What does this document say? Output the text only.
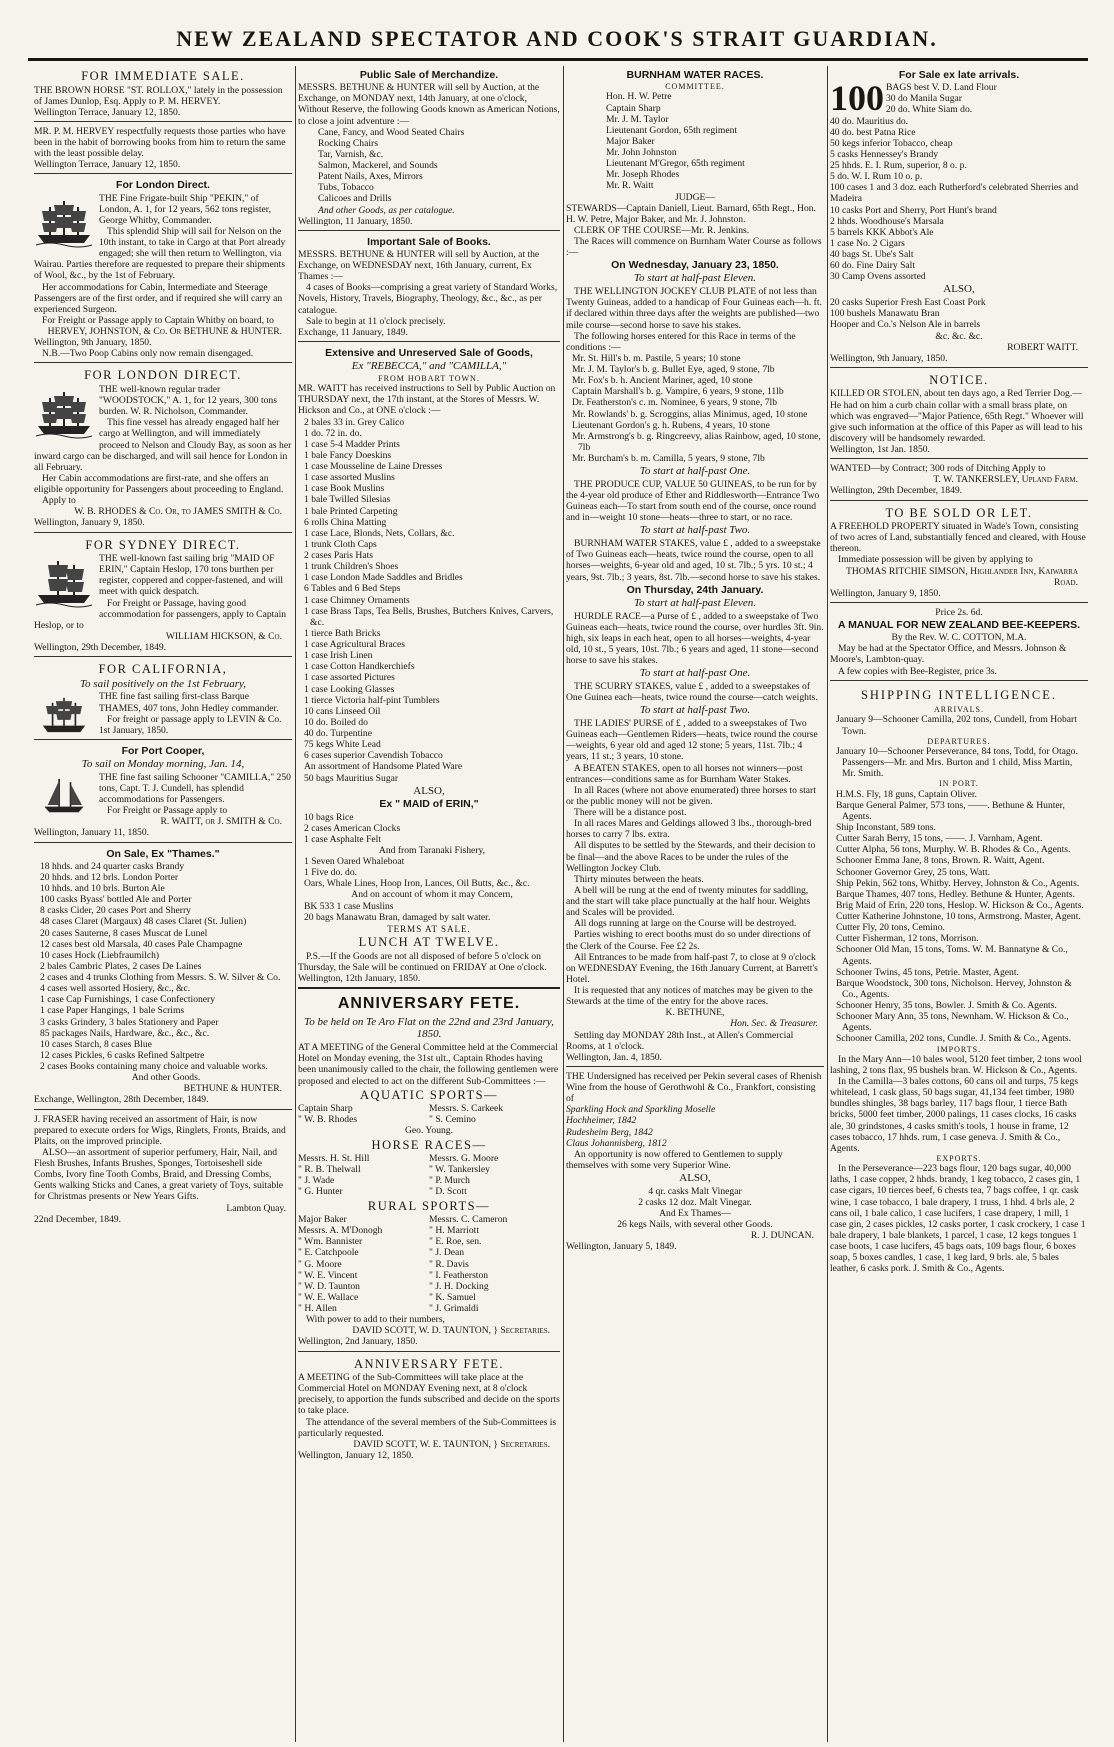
NEW ZEALAND SPECTATOR AND COOK'S STRAIT GUARDIAN.
FOR IMMEDIATE SALE.
THE BROWN HORSE "ST. ROLLOX," lately in the possession of James Dunlop, Esq. Apply to P. M. HERVEY.
Wellington Terrace, January 12, 1850.
MR. P. M. HERVEY respectfully requests those parties who have been in the habit of borrowing books from him to return the same with the least possible delay.
Wellington Terrace, January 12, 1850.
For London Direct.
THE Fine Frigate-built Ship "PEKIN," of London, A. 1, for 12 years, 562 tons register, George Whitby, Commander.
This splendid Ship will sail for Nelson on the 10th instant, to take in Cargo at that Port already engaged; she will then return to Wellington, via Wairau. Parties therefore are requested to prepare their shipments of Wool, &c., by the 1st of February.
Her accommodations for Cabin, Intermediate and Steerage Passengers are of the first order, and if required she will carry an experienced Surgeon.
For Freight or Passage apply to Captain Whitby on board, to
HERVEY, JOHNSTON, & Co. Or BETHUNE & HUNTER.
Wellington, 9th January, 1850.
N.B.—Two Poop Cabins only now remain disengaged.
FOR LONDON DIRECT.
THE well-known regular trader "WOODSTOCK," A. 1, for 12 years, 300 tons burden. W. R. Nicholson, Commander.
This fine vessel has already engaged half her cargo at Wellington, and will immediately proceed to Nelson and Cloudy Bay, as soon as her inward cargo can be discharged, and will sail hence for London in all February.
Her Cabin accommodations are first-rate, and she offers an eligible opportunity for Passengers about proceeding to England.
Apply to
W. B. RHODES & Co. Or, to JAMES SMITH & Co.
Wellington, January 9, 1850.
FOR SYDNEY DIRECT.
THE well-known fast sailing brig "MAID OF ERIN," Captain Heslop, 170 tons burthen per register, coppered and copper-fastened, and will meet with quick despatch.
For Freight or Passage, having good accommodation for passengers, apply to Captain Heslop, or to
WILLIAM HICKSON, & Co.
Wellington, 29th December, 1849.
FOR CALIFORNIA,
To sail positively on the 1st February,
THE fine fast sailing first-class Barque THAMES, 407 tons, John Hedley commander.
For freight or passage apply to LEVIN & Co.
1st January, 1850.
For Port Cooper,
To sail on Monday morning, Jan. 14,
THE fine fast sailing Schooner "CAMILLA," 250 tons, Capt. T. J. Cundell, has splendid accommodations for Passengers.
For Freight or Passage apply to
R. WAITT, or J. SMITH & Co.
Wellington, January 11, 1850.
On Sale, Ex "Thames."
18 hhds. and 24 quarter casks Brandy
20 hhds. and 12 brls. London Porter
10 hhds. and 10 brls. Burton Ale
100 casks Byass' bottled Ale and Porter
8 casks Cider, 20 cases Port and Sherry
48 cases Claret (Margaux) 48 cases Claret (St. Julien)
20 cases Sauterne, 8 cases Muscat de Lunel
12 cases best old Marsala, 40 cases Pale Champagne
10 cases Hock (Liebfraumilch)
2 bales Cambric Plates, 2 cases De Laines
2 cases and 4 trunks Clothing from Messrs. S. W. Silver & Co.
4 cases well assorted Hosiery, &c., &c.
1 case Cap Furnishings, 1 case Confectionery
1 case Paper Hangings, 1 bale Scrims
3 casks Grindery, 3 bales Stationery and Paper
85 packages Nails, Hardware, &c., &c., &c.
10 cases Starch, 8 cases Blue
12 cases Pickles, 6 casks Refined Saltpetre
2 cases Books containing many choice and valuable works.
And other Goods.
BETHUNE & HUNTER.
Exchange, Wellington, 28th December, 1849.
J. FRASER having received an assortment of Hair, is now prepared to execute orders for Wigs, Ringlets, Fronts, Braids, and Plaits, on the improved principle.
ALSO—an assortment of superior perfumery, Hair, Nail, and Flesh Brushes, Infants Brushes, Sponges, Tortoiseshell side Combs, Ivory fine Tooth Combs, Braid, and Dressing Combs, Gents walking Sticks and Canes, a great variety of Toys, suitable for Christmas presents or New Years Gifts.
Lambton Quay.
22nd December, 1849.
Public Sale of Merchandize.
MESSRS. BETHUNE & HUNTER will sell by Auction, at the Exchange, on MONDAY next, 14th January, at one o'clock, Without Reserve, the following Goods known as American Notions, to close a joint adventure :—
Cane, Fancy, and Wood Seated Chairs
Rocking Chairs
Tar, Varnish, &c.
Salmon, Mackerel, and Sounds
Patent Nails, Axes, Mirrors
Tubs, Tobacco
Calicoes and Drills
And other Goods, as per catalogue.
Wellington, 11 January, 1850.
Important Sale of Books.
MESSRS. BETHUNE & HUNTER will sell by Auction, at the Exchange, on WEDNESDAY next, 16th January, current, Ex Thames :—
4 cases of Books—comprising a great variety of Standard Works, Novels, History, Travels, Biography, Theology, &c., &c., as per catalogue.
Sale to begin at 11 o'clock precisely.
Exchange, 11 January, 1849.
Extensive and Unreserved Sale of Goods,
Ex "REBECCA," and "CAMILLA,"
FROM HOBART TOWN.
MR. WAITT has received instructions to Sell by Public Auction on THURSDAY next, the 17th instant, at the Stores of Messrs. W. Hickson and Co., at ONE o'clock :—
2 bales 33 in. Grey Calico
1 do. 72 in. do.
1 case 5-4 Madder Prints
1 bale Fancy Doeskins
1 case Mousseline de Laine Dresses
1 case assorted Muslins
1 case Book Muslins
1 bale Twilled Silesias
1 bale Printed Carpeting
6 rolls China Matting
1 case Lace, Blonds, Nets, Collars, &c.
1 trunk Cloth Caps
2 cases Paris Hats
1 trunk Children's Shoes
1 case London Made Saddles and Bridles
6 Tables and 6 Bed Steps
1 case Chimney Ornaments
1 case Brass Taps, Tea Bells, Brushes, Butchers Knives, Carvers, &c.
1 tierce Bath Bricks
1 case Agricultural Braces
1 case Irish Linen
1 case Cotton Handkerchiefs
1 case assorted Pictures
1 case Looking Glasses
1 tierce Victoria half-pint Tumblers
10 cans Linseed Oil
10 do. Boiled do
40 do. Turpentine
75 kegs White Lead
6 cases superior Cavendish Tobacco
An assortment of Handsome Plated Ware
50 bags Mauritius Sugar
ALSO,
Ex " MAID of ERIN,"
10 bags Rice
2 cases American Clocks
1 case Asphalte Felt
And from Taranaki Fishery,
1 Seven Oared Whaleboat
1 Five do. do.
Oars, Whale Lines, Hoop Iron, Lances, Oil Butts, &c., &c.
And on account of whom it may Concern,
BK 533 1 case Muslins
20 bags Manawatu Bran, damaged by salt water.
TERMS AT SALE.
LUNCH AT TWELVE.
P.S.—If the Goods are not all disposed of before 5 o'clock on Thursday, the Sale will be continued on FRIDAY at One o'clock.
Wellington, 12th January, 1850.
ANNIVERSARY FETE.
To be held on Te Aro Flat on the 22nd and 23rd January, 1850.
AT A MEETING of the General Committee held at the Commercial Hotel on Monday evening, the 31st ult., Captain Rhodes having been unanimously called to the chair, the following gentlemen were proposed and elected to act on the different Sub-Committees :—
AQUATIC SPORTS—
Captain Sharp
" W. B. Rhodes
Messrs. S. Carkeek
" S. Cemino
Geo. Young.
HORSE RACES—
Messrs. H. St. Hill
" R. B. Thelwall
" J. Wade
" G. Hunter
Messrs. G. Moore
" W. Tankersley
" P. Murch
" D. Scott
RURAL SPORTS—
Major Baker
Messrs. A. M'Donogh
" Wm. Bannister
" E. Catchpoole
" G. Moore
" W. E. Vincent
" W. D. Taunton
" W. E. Wallace
" H. Allen
Messrs. C. Cameron
" H. Marriott
" E. Roe, sen.
" J. Dean
" R. Davis
" I. Featherston
" J. H. Docking
" K. Samuel
" J. Grimaldi
With power to add to their numbers,
DAVID SCOTT, W. D. TAUNTON, } Secretaries.
Wellington, 2nd January, 1850.
ANNIVERSARY FETE.
A MEETING of the Sub-Committees will take place at the Commercial Hotel on MONDAY Evening next, at 8 o'clock precisely, to apportion the funds subscribed and decide on the sports to take place.
The attendance of the several members of the Sub-Committees is particularly requested.
DAVID SCOTT, W. E. TAUNTON, } Secretaries.
Wellington, January 12, 1850.
BURNHAM WATER RACES.
COMMITTEE.
Hon. H. W. Petre
Captain Sharp
Mr. J. M. Taylor
Lieutenant Gordon, 65th regiment
Major Baker
Mr. John Johnston
Lieutenant M'Gregor, 65th regiment
Mr. Joseph Rhodes
Mr. R. Waitt
JUDGE—
STEWARDS—Captain Daniell, Lieut. Barnard, 65th Regt., Hon. H. W. Petre, Major Baker, and Mr. J. Johnston.
CLERK OF THE COURSE—Mr. R. Jenkins.
The Races will commence on Burnham Water Course as follows :—
On Wednesday, January 23, 1850.
To start at half-past Eleven.
THE WELLINGTON JOCKEY CLUB PLATE of not less than Twenty Guineas, added to a handicap of Four Guineas each—h. ft. if declared within three days after the weights are published—two mile course—second horse to save his stakes.
The following horses entered for this Race in terms of the conditions :—
Mr. St. Hill's b. m. Pastile, 5 years; 10 stone
Mr. J. M. Taylor's b. g. Bullet Eye, aged, 9 stone, 7lb
Mr. Fox's b. h. Ancient Mariner, aged, 10 stone
Captain Marshall's b. g. Vampire, 6 years, 9 stone, 11lb
Dr. Featherston's c. m. Nominee, 6 years, 9 stone, 7lb
Mr. Rowlands' b. g. Scroggins, alias Minimus, aged, 10 stone
Lieutenant Gordon's g. h. Rubens, 4 years, 10 stone
Mr. Armstrong's b. g. Ringcreevy, alias Rainbow, aged, 10 stone, 7lb
Mr. Burcham's b. m. Camilla, 5 years, 9 stone, 7lb
To start at half-past One.
THE PRODUCE CUP, VALUE 50 GUINEAS, to be run for by the 4-year old produce of Ether and Riddlesworth—Entrance Two Guineas each—To start from south end of the course, once round and in—weight 10 stone—heats—three to start, or no race.
To start at half-past Two.
BURNHAM WATER STAKES, value £ , added to a sweepstake of Two Guineas each—heats, twice round the course, open to all horses—weights, 6-year old and aged, 10 st. 7lb.; 5 yrs. 10 st.; 4 years, 9st. 7lb.; 3 years, 8st. 7lb.—second horse to save his stakes.
On Thursday, 24th January.
To start at half-past Eleven.
HURDLE RACE—a Purse of £ , added to a sweepstake of Two Guineas each—heats, twice round the course, over hurdles 3ft. 9in. high, six leaps in each heat, open to all horses—weights, 4-year old, 10 st., 5 years, 10st. 7lb.; 6 years and aged, 11 stone—second horse to save his stakes.
To start at half-past One.
THE SCURRY STAKES, value £ , added to a sweepstakes of One Guinea each—heats, twice round the course—catch weights.
To start at half-past Two.
THE LADIES' PURSE of £ , added to a sweepstakes of Two Guineas each—Gentlemen Riders—heats, twice round the course—weights, 6 year old and aged 12 stone; 5 years, 11st. 7lb.; 4 years, 11 st.; 3 years, 10 stone.
A BEATEN STAKES, open to all horses not winners—post entrances—conditions same as for Burnham Water Stakes.
In all Races (where not above enumerated) three horses to start or the public money will not be given.
There will be a distance post.
In all races Mares and Geldings allowed 3 lbs., thorough-bred horses to carry 7 lbs. extra.
All disputes to be settled by the Stewards, and their decision to be final—and the above Races to be under the rules of the Wellington Jockey Club.
Thirty minutes between the heats.
A bell will be rung at the end of twenty minutes for saddling, and the start will take place punctually at the half hour. Weights and Scales will be provided.
All dogs running at large on the Course will be destroyed.
Parties wishing to erect booths must do so under directions of the Clerk of the Course. Fee £2 2s.
All Entrances to be made from half-past 7, to close at 9 o'clock on WEDNESDAY Evening, the 16th January Current, at Barrett's Hotel.
It is requested that any notices of matches may be given to the Stewards at the time of the entry for the above races.
K. BETHUNE,
Hon. Sec. & Treasurer.
Settling day MONDAY 28th Inst., at Allen's Commercial Rooms, at 1 o'clock.
Wellington, Jan. 4, 1850.
THE Undersigned has received per Pekin several cases of Rhenish Wine from the house of Gerothwohl & Co., Frankfort, consisting of
Sparkling Hock and Sparkling Moselle
Hochheimer, 1842
Rudesheim Berg, 1842
Claus Johannisberg, 1812
An opportunity is now offered to Gentlemen to supply themselves with some very Superior Wine.
ALSO,
4 qr. casks Malt Vinegar
2 casks 12 doz. Malt Vinegar.
And Ex Thames—
26 kegs Nails, with several other Goods.
R. J. DUNCAN.
Wellington, January 5, 1849.
For Sale ex late arrivals.
100 BAGS best V. D. Land Flour
30 do Manila Sugar
20 do. White Siam do.
40 do. Mauritius do.
40 do. best Patna Rice
50 kegs inferior Tobacco, cheap
5 casks Hennessey's Brandy
25 hhds. E. I. Rum, superior, 8 o. p.
5 do. W. I. Rum 10 o. p.
100 cases 1 and 3 doz. each Rutherford's celebrated Sherries and Madeira
10 casks Port and Sherry, Port Hunt's brand
2 hhds. Woodhouse's Marsala
5 barrels KKK Abbot's Ale
1 case No. 2 Cigars
40 bags St. Ube's Salt
60 do. Fine Dairy Salt
30 Camp Ovens assorted
ALSO,
20 casks Superior Fresh East Coast Pork
100 bushels Manawatu Bran
Hooper and Co.'s Nelson Ale in barrels
&c. &c. &c.
ROBERT WAITT.
Wellington, 9th January, 1850.
NOTICE.
KILLED OR STOLEN, about ten days ago, a Red Terrier Dog.—He had on him a curb chain collar with a small brass plate, on which was engraved—"Major Patience, 65th Regt." Whoever will give such information at the office of this Paper as will lead to his discovery will be handsomely rewarded.
Wellington, 1st Jan. 1850.
WANTED—by Contract; 300 rods of Ditching Apply to
T. W. TANKERSLEY, Upland Farm.
Wellington, 29th December, 1849.
TO BE SOLD OR LET.
A FREEHOLD PROPERTY situated in Wade's Town, consisting of two acres of Land, substantially fenced and cleared, with House thereon.
Immediate possession will be given by applying to
THOMAS RITCHIE SIMSON, Highlander Inn, Kaiwarra Road.
Wellington, January 9, 1850.
Price 2s. 6d.
A MANUAL FOR NEW ZEALAND BEE-KEEPERS.
By the Rev. W. C. COTTON, M.A.
May be had at the Spectator Office, and Messrs. Johnson & Moore's, Lambton-quay.
A few copies with Bee-Register, price 3s.
SHIPPING INTELLIGENCE.
ARRIVALS.
January 9—Schooner Camilla, 202 tons, Cundell, from Hobart Town.
DEPARTURES.
January 10—Schooner Perseverance, 84 tons, Todd, for Otago. Passengers—Mr. and Mrs. Burton and 1 child, Miss Martin, Mr. Smith.
IN PORT.
H.M.S. Fly, 18 guns, Captain Oliver.
Barque General Palmer, 573 tons, ——. Bethune & Hunter, Agents.
Ship Inconstant, 589 tons.
Cutter Sarah Berry, 15 tons, ——. J. Varnham, Agent.
Cutter Alpha, 56 tons, Murphy. W. B. Rhodes & Co., Agents.
Schooner Emma Jane, 8 tons, Brown. R. Waitt, Agent.
Schooner Governor Grey, 25 tons, Watt.
Ship Pekin, 562 tons, Whitby. Hervey, Johnston & Co., Agents.
Barque Thames, 407 tons, Hedley. Bethune & Hunter, Agents.
Brig Maid of Erin, 220 tons, Heslop. W. Hickson & Co., Agents.
Cutter Katherine Johnstone, 10 tons, Armstrong. Master, Agent.
Cutter Fly, 20 tons, Cemino.
Cutter Fisherman, 12 tons, Morrison.
Schooner Old Man, 15 tons, Toms. W. M. Bannatyne & Co., Agents.
Schooner Twins, 45 tons, Petrie. Master, Agent.
Barque Woodstock, 300 tons, Nicholson. Hervey, Johnston & Co., Agents.
Schooner Henry, 35 tons, Bowler. J. Smith & Co. Agents.
Schooner Mary Ann, 35 tons, Newnham. W. Hickson & Co., Agents.
Schooner Camilla, 202 tons, Cundle. J. Smith & Co., Agents.
IMPORTS.
In the Mary Ann—10 bales wool, 5120 feet timber, 2 tons wool lashing, 2 tons flax, 95 bushels bran. W. Hickson & Co., Agents.
In the Camilla—3 bales cottons, 60 cans oil and turps, 75 kegs whitelead, 1 cask glass, 50 bags sugar, 41,134 feet timber, 1980 bundles shingles, 38 bags barley, 117 bags flour, 1 tierce Bath bricks, 5000 feet timber, 2000 palings, 11 cases clocks, 16 casks ale, 30 grindstones, 4 casks smith's tools, 1 house in frame, 12 cases tobacco, 17 hhds. rum, 1 case geneva. J. Smith & Co., Agents.
EXPORTS.
In the Perseverance—223 bags flour, 120 bags sugar, 40,000 laths, 1 case copper, 2 hhds. brandy, 1 keg tobacco, 2 cases gin, 1 case cigars, 10 tierces beef, 6 chests tea, 7 bags coffee, 1 qr. cask wine, 1 case tobacco, 1 bale drapery, 1 truss, 1 hhd. 4 brls ale, 2 cans oil, 1 bale calico, 1 case lucifers, 1 case drapery, 1 mill, 1 case gin, 2 cases pickles, 12 casks porter, 1 cask crockery, 1 case 1 bale drapery, 1 bale blankets, 1 parcel, 1 case, 12 kegs tongues 1 case boots, 1 case lucifers, 45 bags oats, 109 bags flour, 6 boxes soap, 5 boxes candles, 1 case, 1 keg lard, 9 brls. ale, 5 bales leather, 6 casks pork. J. Smith & Co., Agents.
